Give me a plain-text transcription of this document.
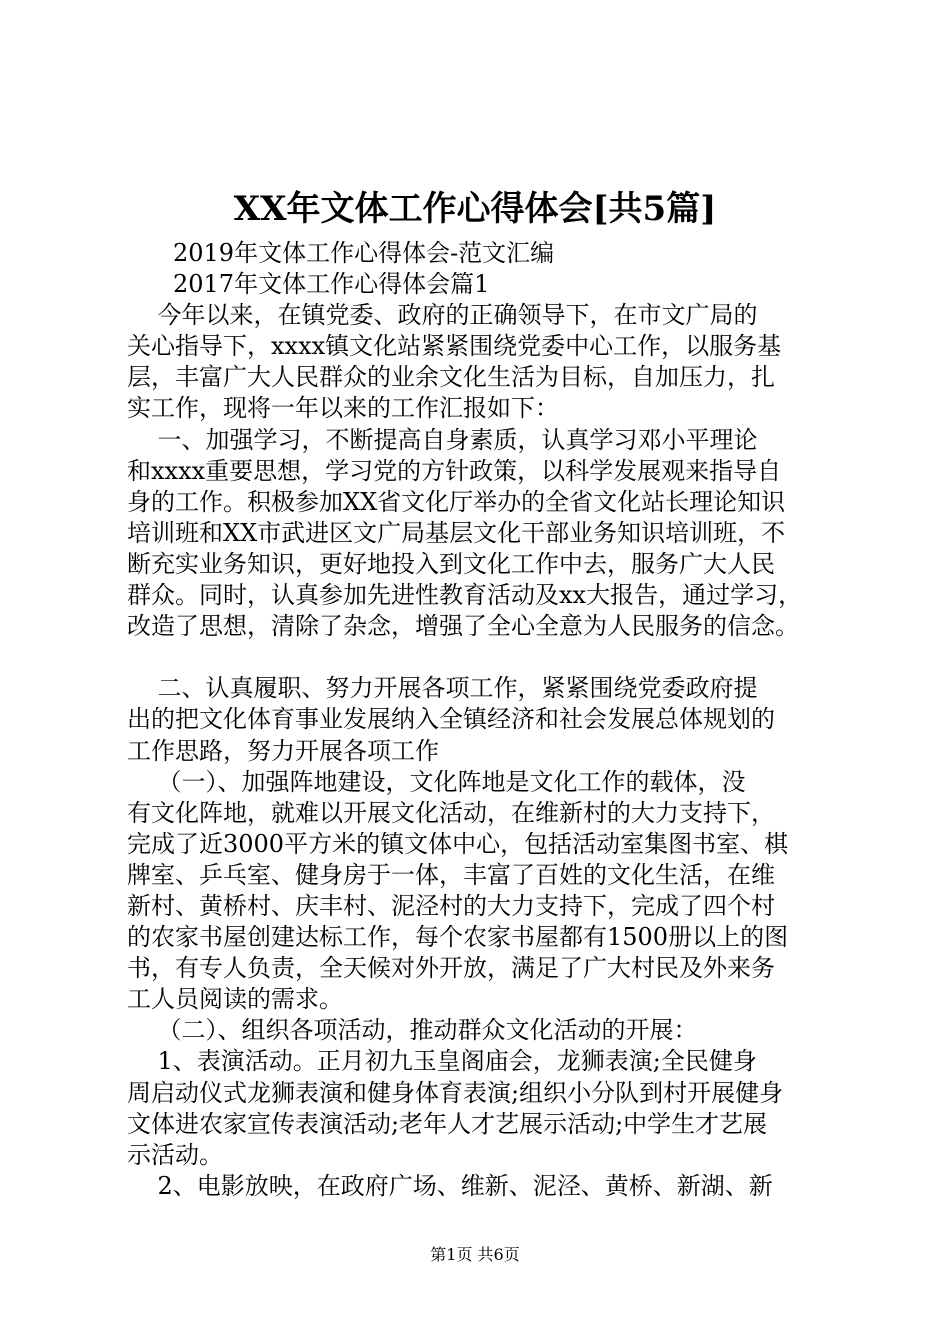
XX年文体工作心得体会[共5篇]
2019年文体工作心得体会-范文汇编
2017年文体工作心得体会篇1
今年以来，在镇党委、政府的正确领导下，在市文广局的
关心指导下，xxxx镇文化站紧紧围绕党委中心工作，以服务基
层，丰富广大人民群众的业余文化生活为目标，自加压力，扎
实工作，现将一年以来的工作汇报如下：
一、加强学习，不断提高自身素质，认真学习邓小平理论
和xxxx重要思想，学习党的方针政策，以科学发展观来指导自
身的工作。积极参加XX省文化厅举办的全省文化站长理论知识
培训班和XX市武进区文广局基层文化干部业务知识培训班，不
断充实业务知识，更好地投入到文化工作中去，服务广大人民
群众。同时，认真参加先进性教育活动及xx大报告，通过学习，
改造了思想，清除了杂念，增强了全心全意为人民服务的信念。
二、认真履职、努力开展各项工作，紧紧围绕党委政府提
出的把文化体育事业发展纳入全镇经济和社会发展总体规划的
工作思路，努力开展各项工作
（一）、加强阵地建设，文化阵地是文化工作的载体，没
有文化阵地，就难以开展文化活动，在维新村的大力支持下，
完成了近3000平方米的镇文体中心，包括活动室集图书室、棋
牌室、乒乓室、健身房于一体，丰富了百姓的文化生活，在维
新村、黄桥村、庆丰村、泥泾村的大力支持下，完成了四个村
的农家书屋创建达标工作，每个农家书屋都有1500册以上的图
书，有专人负责，全天候对外开放，满足了广大村民及外来务
工人员阅读的需求。
（二）、组织各项活动，推动群众文化活动的开展：
1、表演活动。正月初九玉皇阁庙会，龙狮表演;全民健身
周启动仪式龙狮表演和健身体育表演;组织小分队到村开展健身
文体进农家宣传表演活动;老年人才艺展示活动;中学生才艺展
示活动。
2、电影放映，在政府广场、维新、泥泾、黄桥、新湖、新
第1页 共6页
